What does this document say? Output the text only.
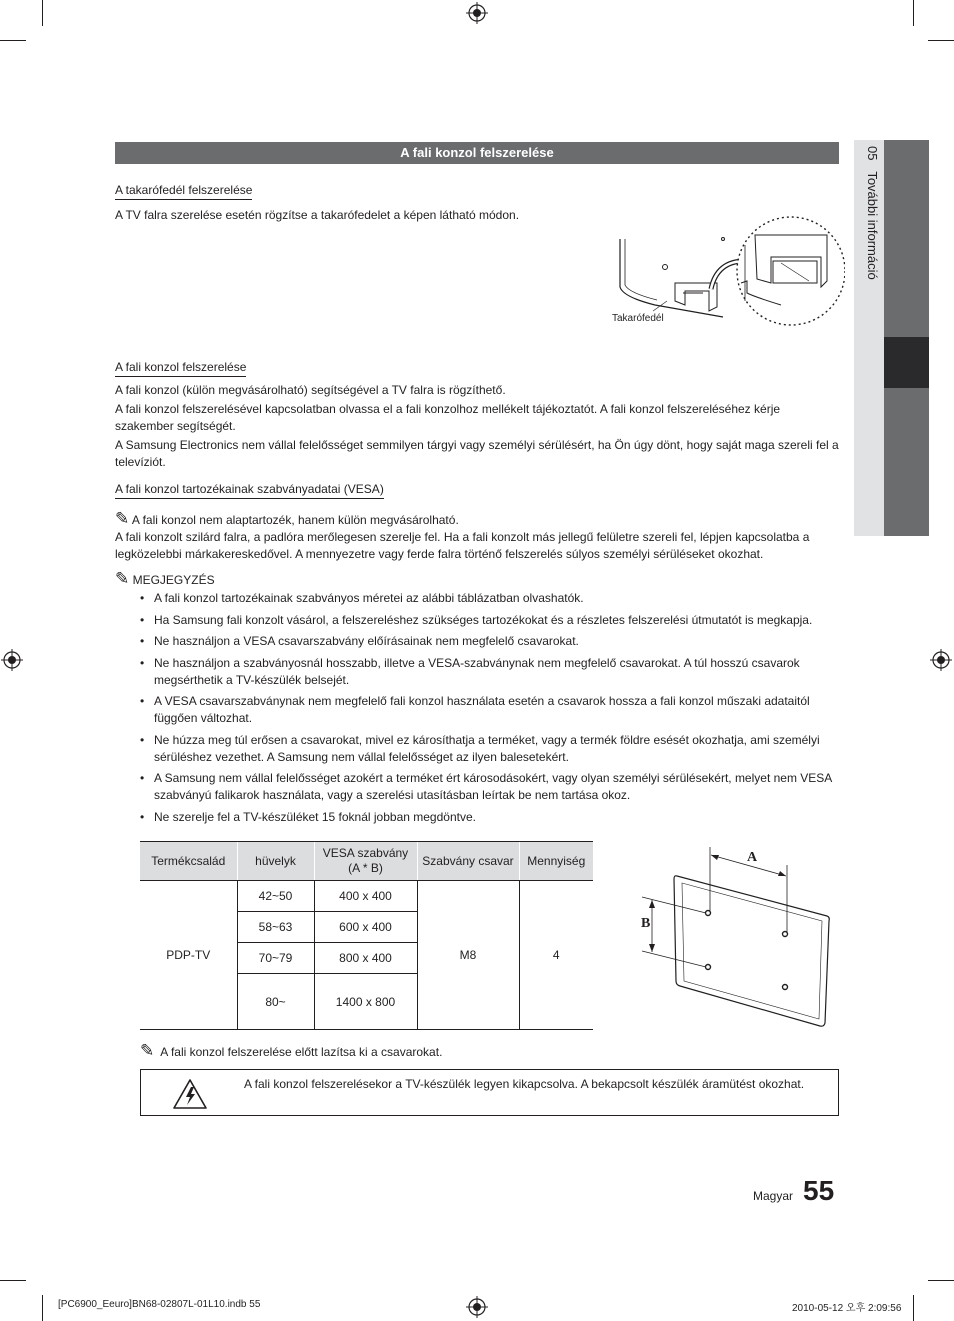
05   További információ
A fali konzol felszerelése
A takarófedél felszerelése
A TV falra szerelése esetén rögzítse a takarófedelet a képen látható módon.
Takarófedél
A fali konzol felszerelése
A fali konzol (külön megvásárolható) segítségével a TV falra is rögzíthető.
A fali konzol felszerelésével kapcsolatban olvassa el a fali konzolhoz mellékelt tájékoztatót. A fali konzol felszereléséhez kérje szakember segítségét.
A Samsung Electronics nem vállal felelősséget semmilyen tárgyi vagy személyi sérülésért, ha Ön úgy dönt, hogy saját maga szereli fel a televíziót.
A fali konzol tartozékainak szabványadatai (VESA)
✎ A fali konzol nem alaptartozék, hanem külön megvásárolható.
A fali konzolt szilárd falra, a padlóra merőlegesen szerelje fel. Ha a fali konzolt más jellegű felületre szereli fel, lépjen kapcsolatba a legközelebbi márkakereskedővel. A mennyezetre vagy ferde falra történő felszerelés súlyos személyi sérüléseket okozhat.
✎ MEGJEGYZÉS
• A fali konzol tartozékainak szabványos méretei az alábbi táblázatban olvashatók.
• Ha Samsung fali konzolt vásárol, a felszereléshez szükséges tartozékokat és a részletes felszerelési útmutatót is megkapja.
• Ne használjon a VESA csavarszabvány előírásainak nem megfelelő csavarokat.
• Ne használjon a szabványosnál hosszabb, illetve a VESA-szabványnak nem megfelelő csavarokat. A túl hosszú csavarok megsérthetik a TV-készülék belsejét.
• A VESA csavarszabványnak nem megfelelő fali konzol használata esetén a csavarok hossza a fali konzol műszaki adataitól függően változhat.
• Ne húzza meg túl erősen a csavarokat, mivel ez károsíthatja a terméket, vagy a termék földre esését okozhatja, ami személyi sérüléshez vezethet. A Samsung nem vállal felelősséget az ilyen balesetekért.
• A Samsung nem vállal felelősséget azokért a terméket ért károsodásokért, vagy olyan személyi sérülésekért, melyet nem VESA szabványú falikarok használata, vagy a szerelési utasításban leírtak be nem tartása okoz.
• Ne szerelje fel a TV-készüléket 15 foknál jobban megdöntve.
Termékcsalád	hüvelyk	VESA szabvány (A * B)	Szabvány csavar	Mennyiség
PDP-TV	42~50	400 x 400	M8	4
	58~63	600 x 400		
	70~79	800 x 400		
	80~	1400 x 800		
A
B
✎ A fali konzol felszerelése előtt lazítsa ki a csavarokat.
A fali konzol felszerelésekor a TV-készülék legyen kikapcsolva. A bekapcsolt készülék áramütést okozhat.
Magyar 55
[PC6900_Eeuro]BN68-02807L-01L10.indb 55	2010-05-12 오후 2:09:56
